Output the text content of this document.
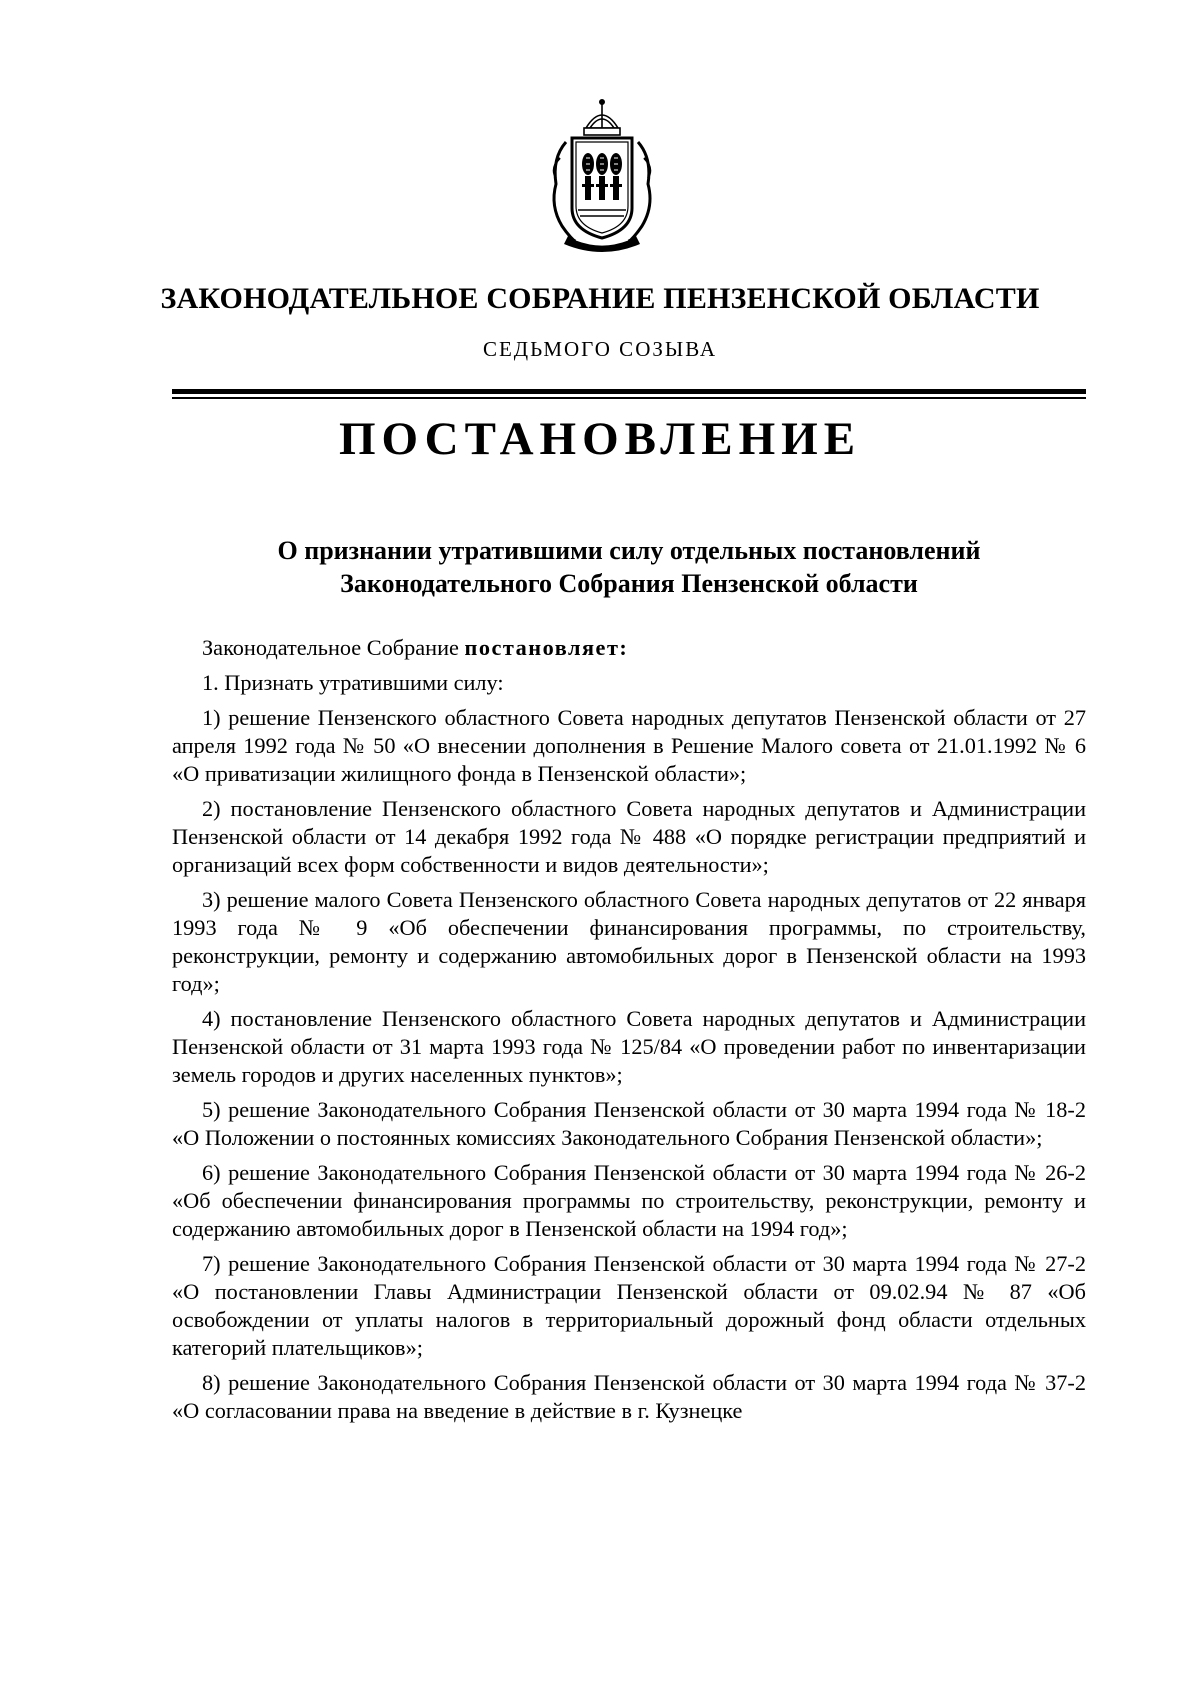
ЗАКОНОДАТЕЛЬНОЕ СОБРАНИЕ ПЕНЗЕНСКОЙ ОБЛАСТИ
СЕДЬМОГО СОЗЫВА
ПОСТАНОВЛЕНИЕ
О признании утратившими силу отдельных постановлений
Законодательного Собрания Пензенской области

Законодательное Собрание постановляет:

1. Признать утратившими силу:

1) решение Пензенского областного Совета народных депутатов Пензенской области от 27 апреля 1992 года № 50 «О внесении дополнения в Решение Малого совета от 21.01.1992 № 6 «О приватизации жилищного фонда в Пензенской области»;

2) постановление Пензенского областного Совета народных депутатов и Администрации Пензенской области от 14 декабря 1992 года № 488 «О порядке регистрации предприятий и организаций всех форм собственности и видов деятельности»;

3) решение малого Совета Пензенского областного Совета народных депутатов от 22 января 1993 года № 9 «Об обеспечении финансирования программы, по строительству, реконструкции, ремонту и содержанию автомобильных дорог в Пензенской области на 1993 год»;

4) постановление Пензенского областного Совета народных депутатов и Администрации Пензенской области от 31 марта 1993 года № 125/84 «О проведении работ по инвентаризации земель городов и других населенных пунктов»;

5) решение Законодательного Собрания Пензенской области от 30 марта 1994 года № 18-2 «О Положении о постоянных комиссиях Законодательного Собрания Пензенской области»;

6) решение Законодательного Собрания Пензенской области от 30 марта 1994 года № 26-2 «Об обеспечении финансирования программы по строительству, реконструкции, ремонту и содержанию автомобильных дорог в Пензенской области на 1994 год»;

7) решение Законодательного Собрания Пензенской области от 30 марта 1994 года № 27-2 «О постановлении Главы Администрации Пензенской области от 09.02.94 № 87 «Об освобождении от уплаты налогов в территориальный дорожный фонд области отдельных категорий плательщиков»;

8) решение Законодательного Собрания Пензенской области от 30 марта 1994 года № 37-2 «О согласовании права на введение в действие в г. Кузнецке
